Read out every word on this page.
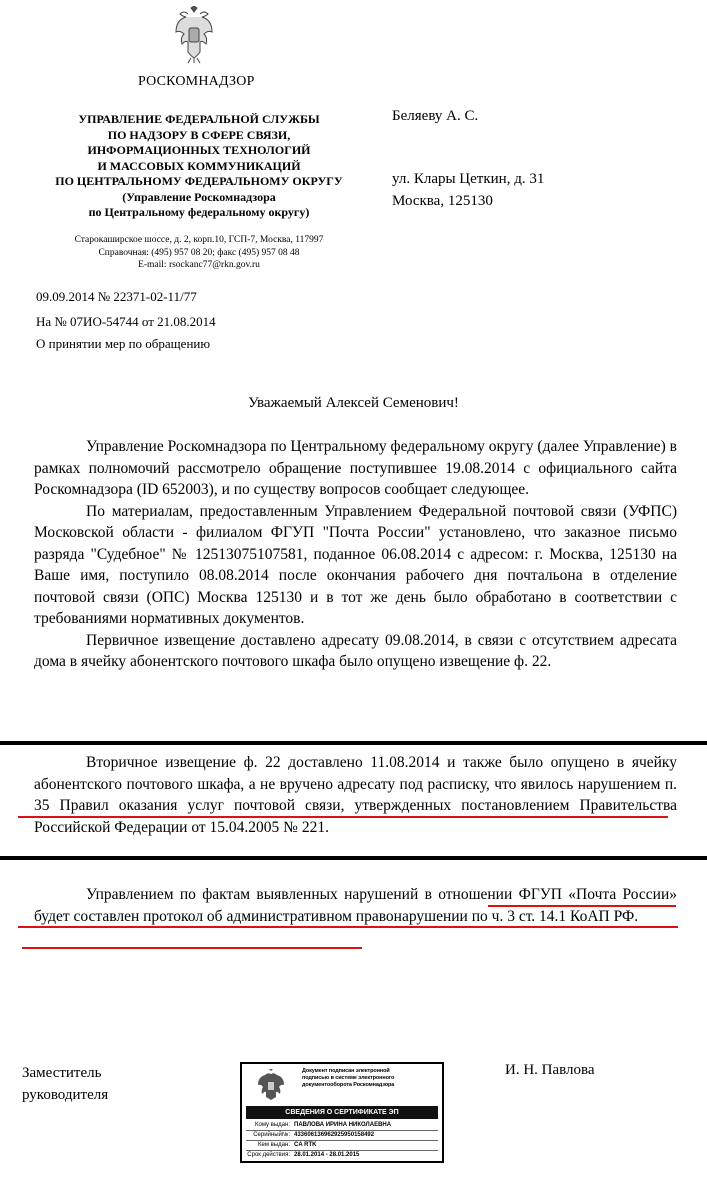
РОСКОМНАДЗОР
УПРАВЛЕНИЕ ФЕДЕРАЛЬНОЙ СЛУЖБЫ
ПО НАДЗОРУ В СФЕРЕ СВЯЗИ,
ИНФОРМАЦИОННЫХ ТЕХНОЛОГИЙ
И МАССОВЫХ КОММУНИКАЦИЙ
ПО ЦЕНТРАЛЬНОМУ ФЕДЕРАЛЬНОМУ ОКРУГУ
(Управление Роскомнадзора
по Центральному федеральному округу)
Старокаширское шоссе, д. 2, корп.10, ГСП-7, Москва, 117997
Справочная: (495) 957 08 20; факс (495) 957 08 48
E-mail: rsockanc77@rkn.gov.ru
09.09.2014 № 22371-02-11/77
На № 07ИО-54744 от 21.08.2014
О принятии мер по обращению
Беляеву А. С.
ул. Клары Цеткин, д. 31
Москва, 125130
Уважаемый Алексей Семенович!

Управление Роскомнадзора по Центральному федеральному округу (далее Управление) в рамках полномочий рассмотрело обращение поступившее 19.08.2014 с официального сайта Роскомнадзора (ID 652003), и по существу вопросов сообщает следующее.

По материалам, предоставленным Управлением Федеральной почтовой связи (УФПС) Московской области - филиалом ФГУП "Почта России" установлено, что заказное письмо разряда "Судебное" № 12513075107581, поданное 06.08.2014 с адресом: г. Москва, 125130 на Ваше имя, поступило 08.08.2014 после окончания рабочего дня почтальона в отделение почтовой связи (ОПС) Москва 125130 и в тот же день было обработано в соответствии с требованиями нормативных документов.

Первичное извещение доставлено адресату 09.08.2014, в связи с отсутствием адресата дома в ячейку абонентского почтового шкафа было опущено извещение ф. 22.

Вторичное извещение ф. 22 доставлено 11.08.2014 и также было опущено в ячейку абонентского почтового шкафа, а не вручено адресату под расписку, что явилось нарушением п. 35 Правил оказания услуг почтовой связи, утвержденных постановлением Правительства Российской Федерации от 15.04.2005 № 221.

Управлением по фактам выявленных нарушений в отношении ФГУП «Почта России» будет составлен протокол об административном правонарушении по ч. 3 ст. 14.1 КоАП РФ.

Заместитель
руководителя
И. Н. Павлова
Документ подписан электронной
подписью в системе электронного
документооборота Роскомнадзора
СВЕДЕНИЯ О СЕРТИФИКАТЕ ЭП
Кому выдан: ПАВЛОВА ИРИНА НИКОЛАЕВНА
Серийный№: 433606136962925950158492
Кем выдан: CA RTK
Срок действия: 28.01.2014 - 28.01.2015
